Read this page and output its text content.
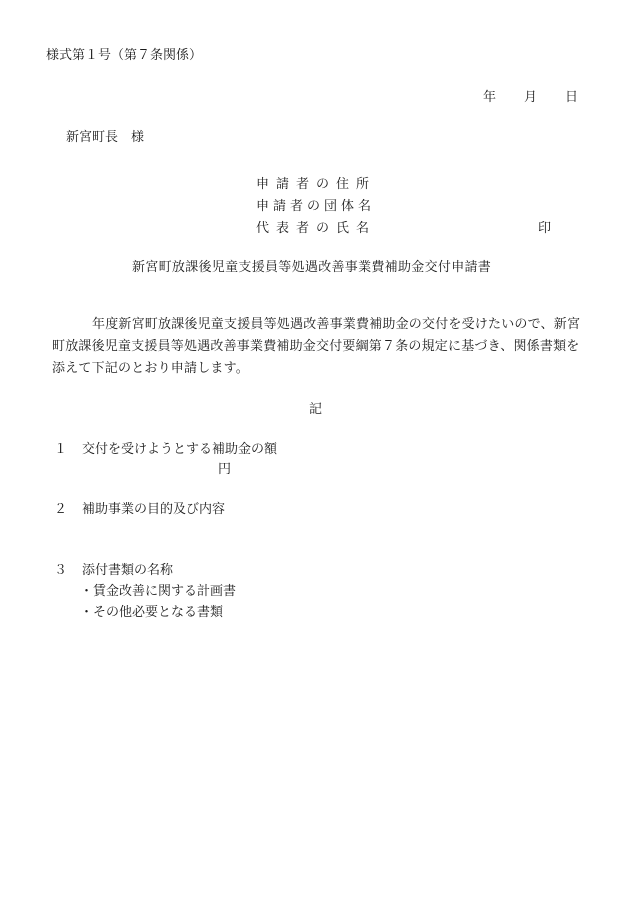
様式第１号（第７条関係）
年 月 日
新宮町長　様
申請者の住所
申請者の団体名
代表者の氏名	印
新宮町放課後児童支援員等処遇改善事業費補助金交付申請書
年度新宮町放課後児童支援員等処遇改善事業費補助金の交付を受けたいので、新宮町放課後児童支援員等処遇改善事業費補助金交付要綱第７条の規定に基づき、関係書類を添えて下記のとおり申請します。
記
１ 交付を受けようとする補助金の額
円
２ 補助事業の目的及び内容
３ 添付書類の名称
・賃金改善に関する計画書
・その他必要となる書類
